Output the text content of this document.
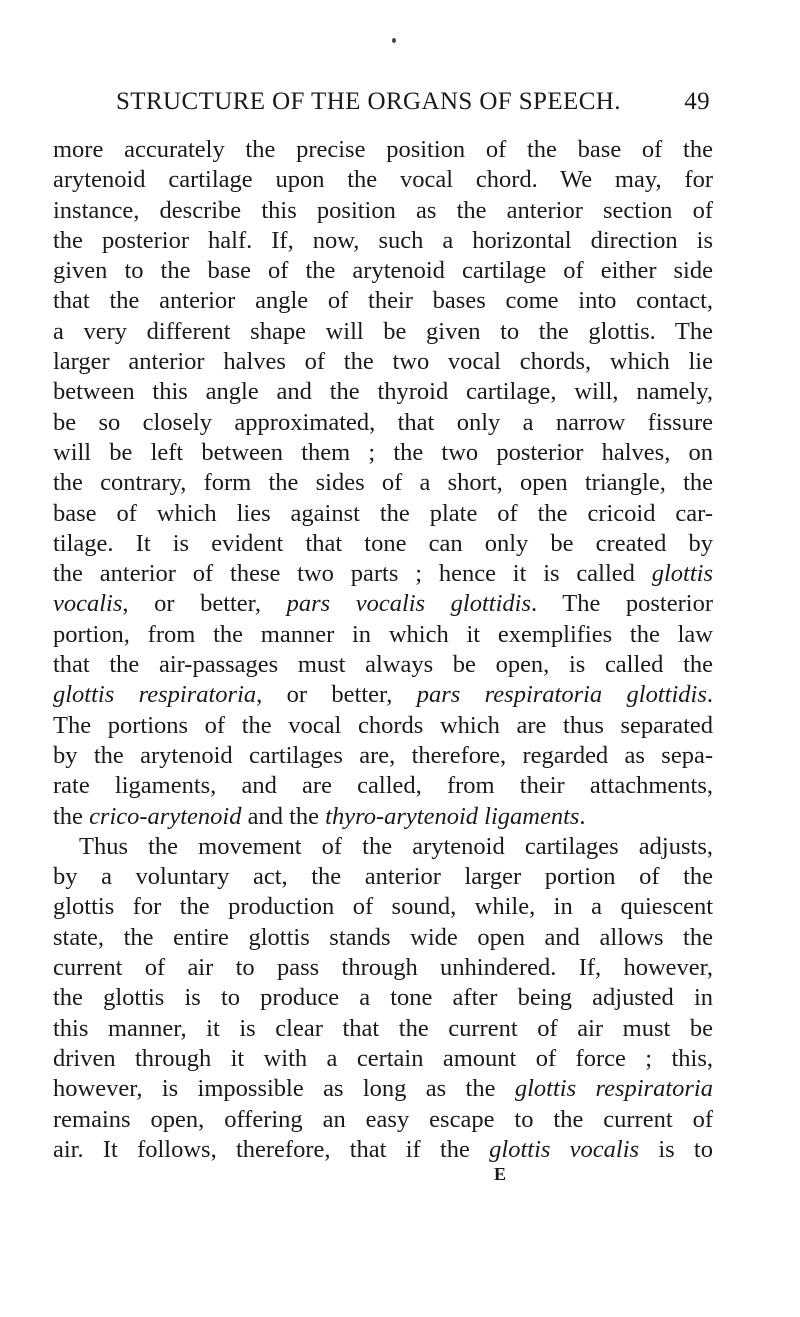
STRUCTURE OF THE ORGANS OF SPEECH.	49
more accurately the precise position of the base of the
arytenoid cartilage upon the vocal chord. We may, for
instance, describe this position as the anterior section of
the posterior half. If, now, such a horizontal direction is
given to the base of the arytenoid cartilage of either side
that the anterior angle of their bases come into contact,
a very different shape will be given to the glottis. The
larger anterior halves of the two vocal chords, which lie
between this angle and the thyroid cartilage, will, namely,
be so closely approximated, that only a narrow fissure
will be left between them ; the two posterior halves, on
the contrary, form the sides of a short, open triangle, the
base of which lies against the plate of the cricoid car-
tilage. It is evident that tone can only be created by
the anterior of these two parts ; hence it is called glottis
vocalis, or better, pars vocalis glottidis. The posterior
portion, from the manner in which it exemplifies the law
that the air-passages must always be open, is called the
glottis respiratoria, or better, pars respiratoria glottidis.
The portions of the vocal chords which are thus separated
by the arytenoid cartilages are, therefore, regarded as sepa-
rate ligaments, and are called, from their attachments,
the crico-arytenoid and the thyro-arytenoid ligaments.
Thus the movement of the arytenoid cartilages adjusts,
by a voluntary act, the anterior larger portion of the
glottis for the production of sound, while, in a quiescent
state, the entire glottis stands wide open and allows the
current of air to pass through unhindered. If, however,
the glottis is to produce a tone after being adjusted in
this manner, it is clear that the current of air must be
driven through it with a certain amount of force ; this,
however, is impossible as long as the glottis respiratoria
remains open, offering an easy escape to the current of
air. It follows, therefore, that if the glottis vocalis is to
E
